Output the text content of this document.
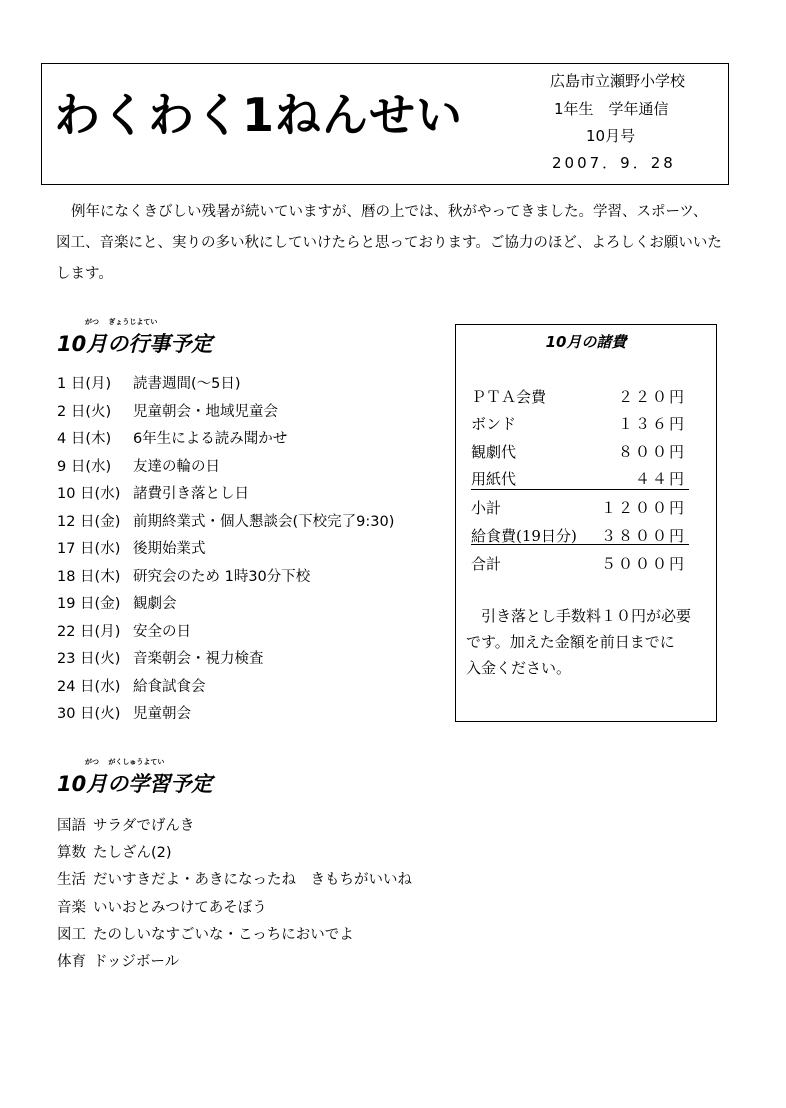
わくわく1ねんせい
広島市立瀬野小学校
1年生　学年通信
10月号
2007．9．28
例年になくきびしい残暑が続いていますが、暦の上では、秋がやってきました。学習、スポーツ、
図工、音楽にと、実りの多い秋にしていけたらと思っております。ご協力のほど、よろしくお願いいた
します。
がつ　 ぎょうじよてい
10月の行事予定
1 日(月) 読書週間(～5日)
2 日(火) 児童朝会・地域児童会
4 日(木) 6年生による読み聞かせ
9 日(水) 友達の輪の日
10 日(水) 諸費引き落とし日
12 日(金) 前期終業式・個人懇談会(下校完了9:30)
17 日(水) 後期始業式
18 日(木) 研究会のため 1時30分下校
19 日(金) 観劇会
22 日(月) 安全の日
23 日(火) 音楽朝会・視力検査
24 日(水) 給食試食会
30 日(火) 児童朝会
10月の諸費
ＰＴＡ会費	２２０円
ボンド	１３６円
観劇代	８００円
用紙代	４４円
小計	１２００円
給食費(19日分) ３８００円
合計	５０００円
引き落とし手数料１０円が必要
です。加えた金額を前日までに
入金ください。
がつ　 がくしゅうよてい
10月の学習予定
国語 サラダでげんき
算数 たしざん(2)
生活 だいすきだよ・あきになったね　きもちがいいね
音楽 いいおとみつけてあそぼう
図工 たのしいなすごいな・こっちにおいでよ
体育 ドッジボール
